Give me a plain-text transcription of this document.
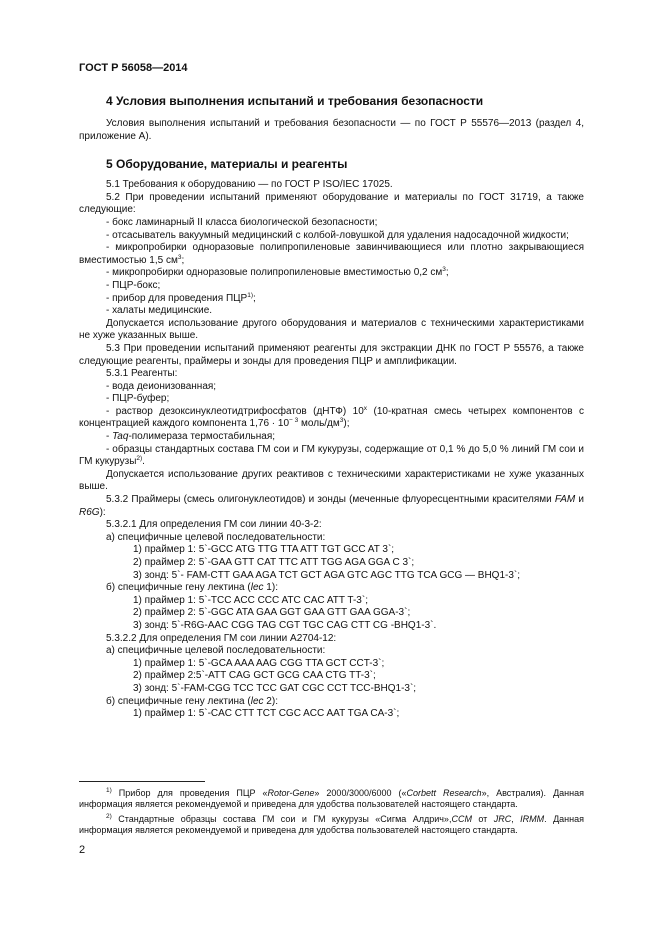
ГОСТ Р 56058—2014

4 Условия выполнения испытаний и требования безопасности

Условия выполнения испытаний и требования безопасности — по ГОСТ Р 55576—2013 (раздел 4, приложение А).

5 Оборудование, материалы и реагенты

5.1 Требования к оборудованию — по ГОСТ Р ISO/IEC 17025.

5.2 При проведении испытаний применяют оборудование и материалы по ГОСТ 31719, а также следующие:

- бокс ламинарный II класса биологической безопасности;

- отсасыватель вакуумный медицинский с колбой-ловушкой для удаления надосадочной жидкости;

- микропробирки одноразовые полипропиленовые завинчивающиеся или плотно закрывающиеся вместимостью 1,5 $см^3$;

- микропробирки одноразовые полипропиленовые вместимостью 0,2 $см^3$;

- ПЦР-бокс;

- прибор для проведения ПЦР$^{1)}$;

- халаты медицинские.

Допускается использование другого оборудования и материалов с техническими характеристиками не хуже указанных выше.

5.3 При проведении испытаний применяют реагенты для экстракции ДНК по ГОСТ Р 55576, а также следующие реагенты, праймеры и зонды для проведения ПЦР и амплификации.

5.3.1 Реагенты:

- вода деионизованная;

- ПЦР-буфер;

- раствор дезоксинуклеотидтрифосфатов (дНТФ) 10$^x$ (10-кратная смесь четырех компонентов с концентрацией каждого компонента $1,76 \cdot 10^{- 3}$ моль/$дм^3$);

- Taq-полимераза термостабильная;

- образцы стандартных состава ГМ сои и ГМ кукурузы, содержащие от 0,1 % до 5,0 % линий ГМ сои и ГМ кукурузы$^{2)}$.

Допускается использование других реактивов с техническими характеристиками не хуже указанных выше.

5.3.2 Праймеры (смесь олигонуклеотидов) и зонды (меченные флуоресцентными красителями FAM и R6G):

5.3.2.1 Для определения ГМ сои линии 40-3-2:

а) специфичные целевой последовательности:

1) праймер 1: 5`-GCC ATG TTG TTA ATT TGT GCC AT 3`;

2) праймер 2: 5`-GAA GTT CAT TTC ATT TGG AGA GGA C 3`;

3) зонд: 5`- FAM-CTT GAA AGA TCT GCT AGA GTC AGC TTG TCA GCG — BHQ1-3`;

б) специфичные гену лектина (lec 1):

1) праймер 1: 5`-TCC ACC CCC ATC CAC ATT T-3`;

2) праймер 2: 5`-GGC ATA GAA GGT GAA GTT GAA GGA-3`;

3) зонд: 5`-R6G-AAC CGG TAG CGT TGC CAG CTT CG -BHQ1-3`.

5.3.2.2 Для определения ГМ сои линии A2704-12:

а) специфичные целевой последовательности:

1) праймер 1: 5`-GCA AAA AAG CGG TTA GCT CCT-3`;

2) праймер 2:5`-ATT CAG GCT GCG CAA CTG TT-3`;

3) зонд: 5`-FAM-CGG TCC TCC GAT CGC CCT TCC-BHQ1-3`;

б) специфичные гену лектина (lec 2):

1) праймер 1: 5`-CAC CTT TCT CGC ACC AAT TGA CA-3`;

$^{1)}$ Прибор для проведения ПЦР «Rotor-Gene» 2000/3000/6000 («Corbett Research», Австралия). Данная информация является рекомендуемой и приведена для удобства пользователей настоящего стандарта.

$^{2)}$ Стандартные образцы состава ГМ сои и ГМ кукурузы «Сигма Алдрич»,CCM от JRC, IRMM. Данная информация является рекомендуемой и приведена для удобства пользователей настоящего стандарта.

2
